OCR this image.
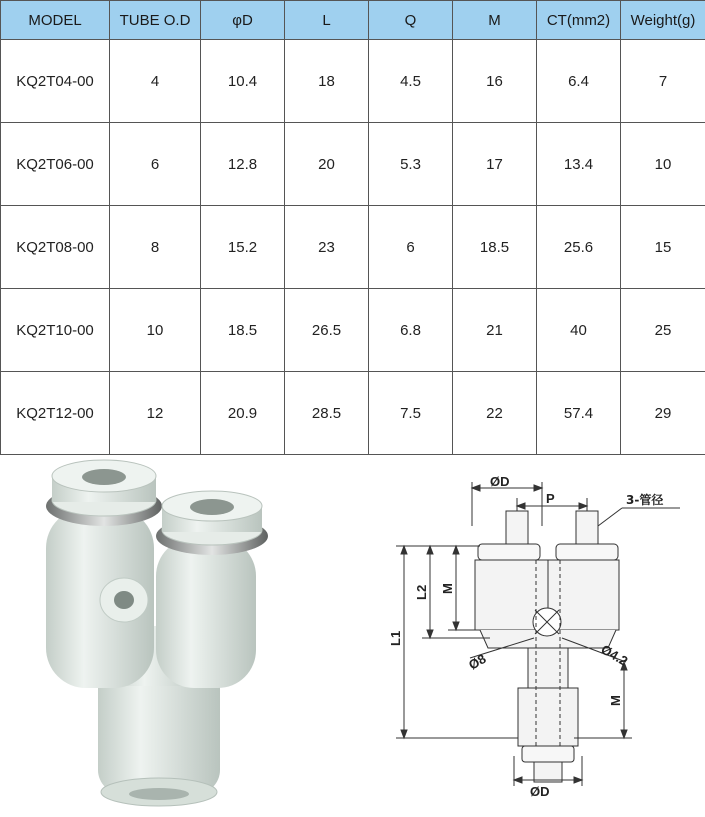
MODEL	TUBE O.D	φD	L	Q	M	CT(mm2)	Weight(g)
KQ2T04-00	4	10.4	18	4.5	16	6.4	7
KQ2T06-00	6	12.8	20	5.3	17	13.4	10
KQ2T08-00	8	15.2	23	6	18.5	25.6	15
KQ2T10-00	10	18.5	26.5	6.8	21	40	25
KQ2T12-00	12	20.9	28.5	7.5	22	57.4	29
ØD
P	3-管径
L1
L2 M
Ø8	Ø4.2
M
ØD
